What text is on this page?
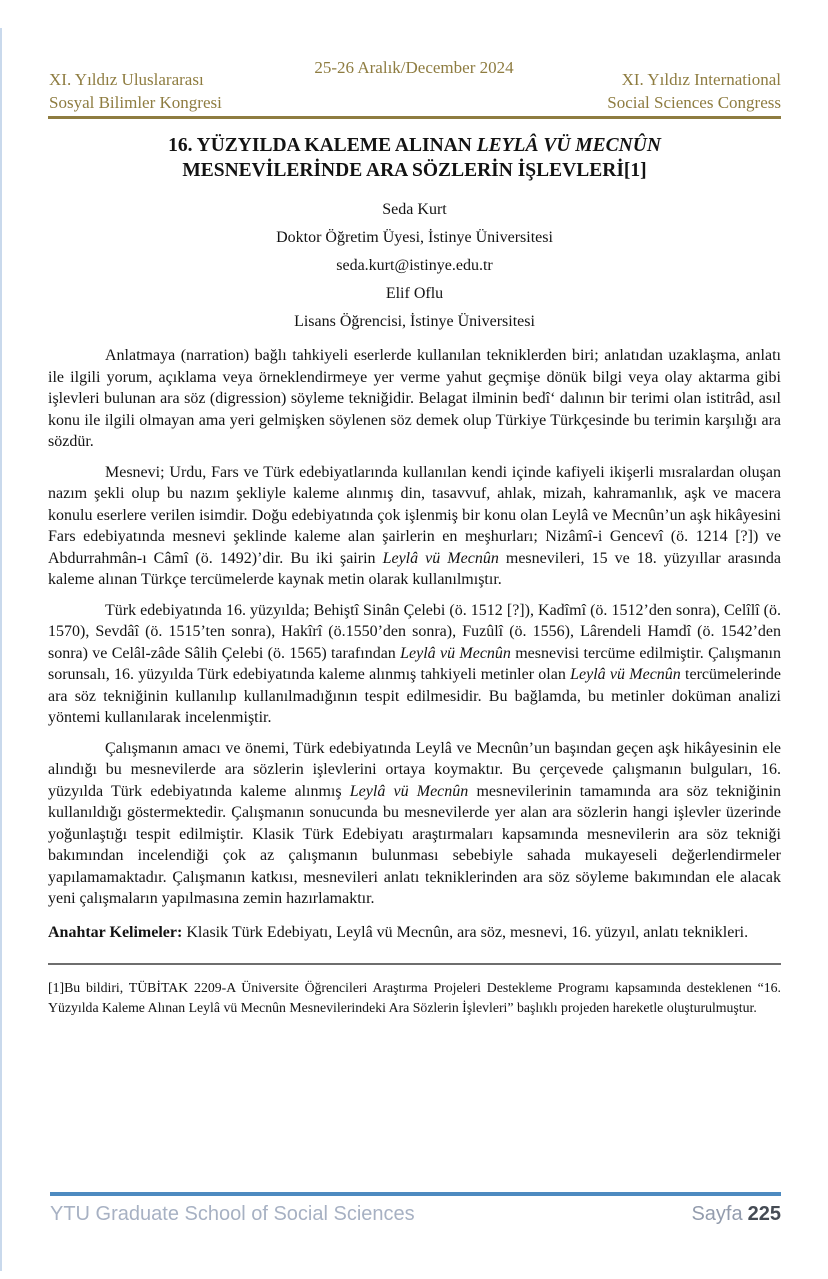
25-26 Aralık/December 2024
XI. Yıldız Uluslararası
Sosyal Bilimler Kongresi
XI. Yıldız International
Social Sciences Congress
16. YÜZYILDA KALEME ALINAN LEYLÂ VÜ MECNÛN
MESNEVİLERİNDE ARA SÖZLERİN İŞLEVLERİ[1]
Seda Kurt
Doktor Öğretim Üyesi, İstinye Üniversitesi
seda.kurt@istinye.edu.tr
Elif Oflu
Lisans Öğrencisi, İstinye Üniversitesi

Anlatmaya (narration) bağlı tahkiyeli eserlerde kullanılan tekniklerden biri; anlatıdan uzaklaşma, anlatı ile ilgili yorum, açıklama veya örneklendirmeye yer verme yahut geçmişe dönük bilgi veya olay aktarma gibi işlevleri bulunan ara söz (digression) söyleme tekniğidir. Belagat ilminin bedî‘ dalının bir terimi olan istitrâd, asıl konu ile ilgili olmayan ama yeri gelmişken söylenen söz demek olup Türkiye Türkçesinde bu terimin karşılığı ara sözdür.

Mesnevi; Urdu, Fars ve Türk edebiyatlarında kullanılan kendi içinde kafiyeli ikişerli mısralardan oluşan nazım şekli olup bu nazım şekliyle kaleme alınmış din, tasavvuf, ahlak, mizah, kahramanlık, aşk ve macera konulu eserlere verilen isimdir. Doğu edebiyatında çok işlenmiş bir konu olan Leylâ ve Mecnûn’un aşk hikâyesini Fars edebiyatında mesnevi şeklinde kaleme alan şairlerin en meşhurları; Nizâmî-i Gencevî (ö. 1214 [?]) ve Abdurrahmân-ı Câmî (ö. 1492)’dir. Bu iki şairin Leylâ vü Mecnûn mesnevileri, 15 ve 18. yüzyıllar arasında kaleme alınan Türkçe tercümelerde kaynak metin olarak kullanılmıştır.

Türk edebiyatında 16. yüzyılda; Behiştî Sinân Çelebi (ö. 1512 [?]), Kadîmî (ö. 1512’den sonra), Celîlî (ö. 1570), Sevdâî (ö. 1515’ten sonra), Hakîrî (ö.1550’den sonra), Fuzûlî (ö. 1556), Lârendeli Hamdî (ö. 1542’den sonra) ve Celâl-zâde Sâlih Çelebi (ö. 1565) tarafından Leylâ vü Mecnûn mesnevisi tercüme edilmiştir. Çalışmanın sorunsalı, 16. yüzyılda Türk edebiyatında kaleme alınmış tahkiyeli metinler olan Leylâ vü Mecnûn tercümelerinde ara söz tekniğinin kullanılıp kullanılmadığının tespit edilmesidir. Bu bağlamda, bu metinler doküman analizi yöntemi kullanılarak incelenmiştir.

Çalışmanın amacı ve önemi, Türk edebiyatında Leylâ ve Mecnûn’un başından geçen aşk hikâyesinin ele alındığı bu mesnevilerde ara sözlerin işlevlerini ortaya koymaktır. Bu çerçevede çalışmanın bulguları, 16. yüzyılda Türk edebiyatında kaleme alınmış Leylâ vü Mecnûn mesnevilerinin tamamında ara söz tekniğinin kullanıldığı göstermektedir. Çalışmanın sonucunda bu mesnevilerde yer alan ara sözlerin hangi işlevler üzerinde yoğunlaştığı tespit edilmiştir. Klasik Türk Edebiyatı araştırmaları kapsamında mesnevilerin ara söz tekniği bakımından incelendiği çok az çalışmanın bulunması sebebiyle sahada mukayeseli değerlendirmeler yapılamamaktadır. Çalışmanın katkısı, mesnevileri anlatı tekniklerinden ara söz söyleme bakımından ele alacak yeni çalışmaların yapılmasına zemin hazırlamaktır.

Anahtar Kelimeler: Klasik Türk Edebiyatı, Leylâ vü Mecnûn, ara söz, mesnevi, 16. yüzyıl, anlatı teknikleri.
[1]Bu bildiri, TÜBİTAK 2209-A Üniversite Öğrencileri Araştırma Projeleri Destekleme Programı kapsamında desteklenen “16. Yüzyılda Kaleme Alınan Leylâ vü Mecnûn Mesnevilerindeki Ara Sözlerin İşlevleri” başlıklı projeden hareketle oluşturulmuştur.
YTU Graduate School of Social Sciences	Sayfa 225
